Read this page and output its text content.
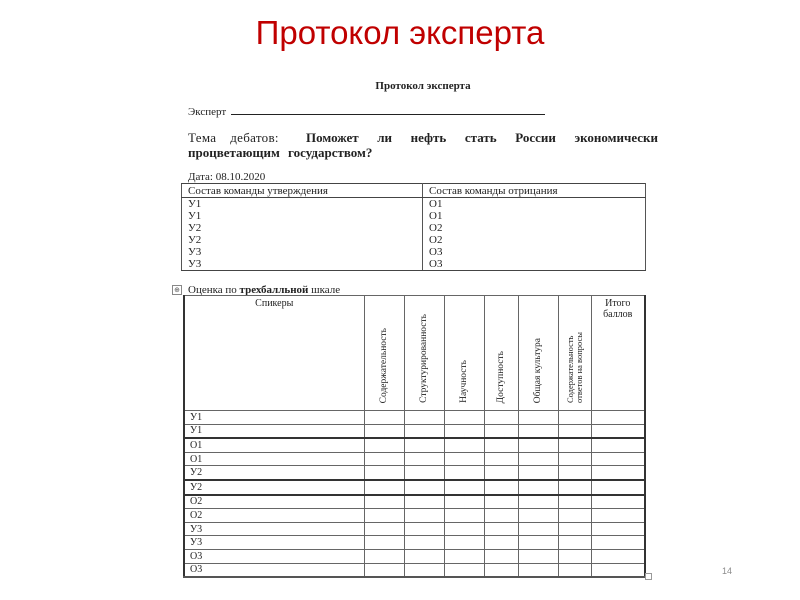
Протокол эксперта
Протокол эксперта
Эксперт
Тема дебатов: Поможет ли нефть стать России экономически процветающим государством?
Дата: 08.10.2020
Состав команды утверждения	Состав команды отрицания
У1	О1
У1	О1
У2	О2
У2	О2
У3	О3
У3	О3
⊕ Оценка по трехбалльной шкале
Спикеры	Содержательность	Структурированность	Научность	Доступность	Общая культура	Содержательность ответов на вопросы	Итого
баллов

У1							
У1							
О1							
О1							
У2							
У2							
О2							
О2							
У3							
У3							
О3							
О3								14
